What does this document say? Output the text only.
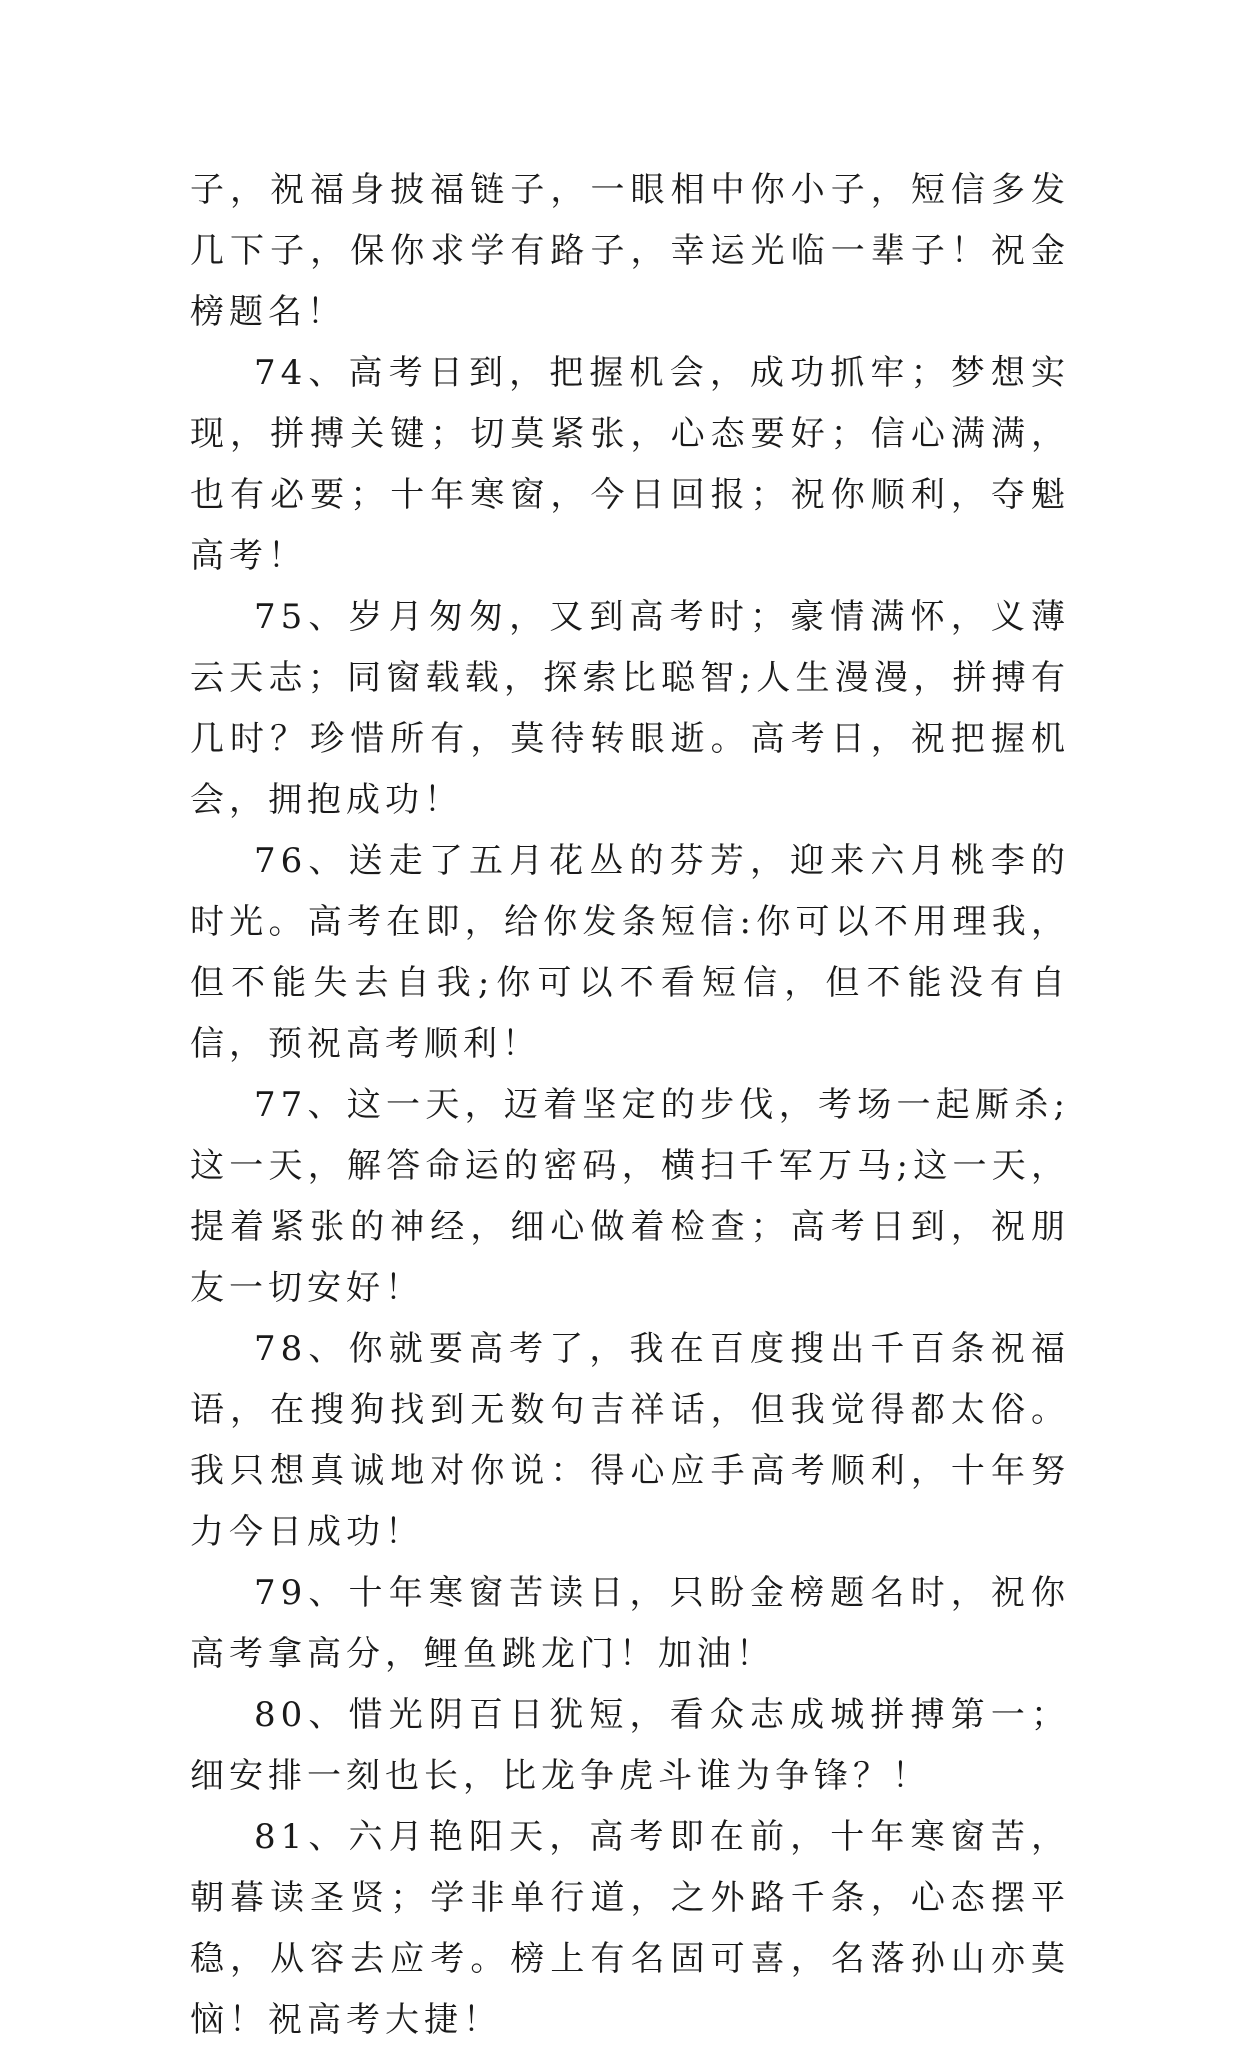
子，祝福身披福链子，一眼相中你小子，短信多发几下子，保你求学有路子，幸运光临一辈子！祝金榜题名！

74、高考日到，把握机会，成功抓牢；梦想实现，拼搏关键；切莫紧张，心态要好；信心满满，也有必要；十年寒窗，今日回报；祝你顺利，夺魁高考！

75、岁月匆匆，又到高考时；豪情满怀，义薄云天志；同窗载载，探索比聪智;人生漫漫，拼搏有几时？珍惜所有，莫待转眼逝。高考日，祝把握机会，拥抱成功！

76、送走了五月花丛的芬芳，迎来六月桃李的时光。高考在即，给你发条短信:你可以不用理我，但不能失去自我;你可以不看短信，但不能没有自信，预祝高考顺利！

77、这一天，迈着坚定的步伐，考场一起厮杀;这一天，解答命运的密码，横扫千军万马;这一天，提着紧张的神经，细心做着检查；高考日到，祝朋友一切安好！

78、你就要高考了，我在百度搜出千百条祝福语，在搜狗找到无数句吉祥话，但我觉得都太俗。我只想真诚地对你说：得心应手高考顺利，十年努力今日成功！

79、十年寒窗苦读日，只盼金榜题名时，祝你高考拿高分，鲤鱼跳龙门！加油！

80、惜光阴百日犹短，看众志成城拼搏第一；细安排一刻也长，比龙争虎斗谁为争锋？！

81、六月艳阳天，高考即在前，十年寒窗苦，朝暮读圣贤；学非单行道，之外路千条，心态摆平稳，从容去应考。榜上有名固可喜，名落孙山亦莫恼！祝高考大捷！
